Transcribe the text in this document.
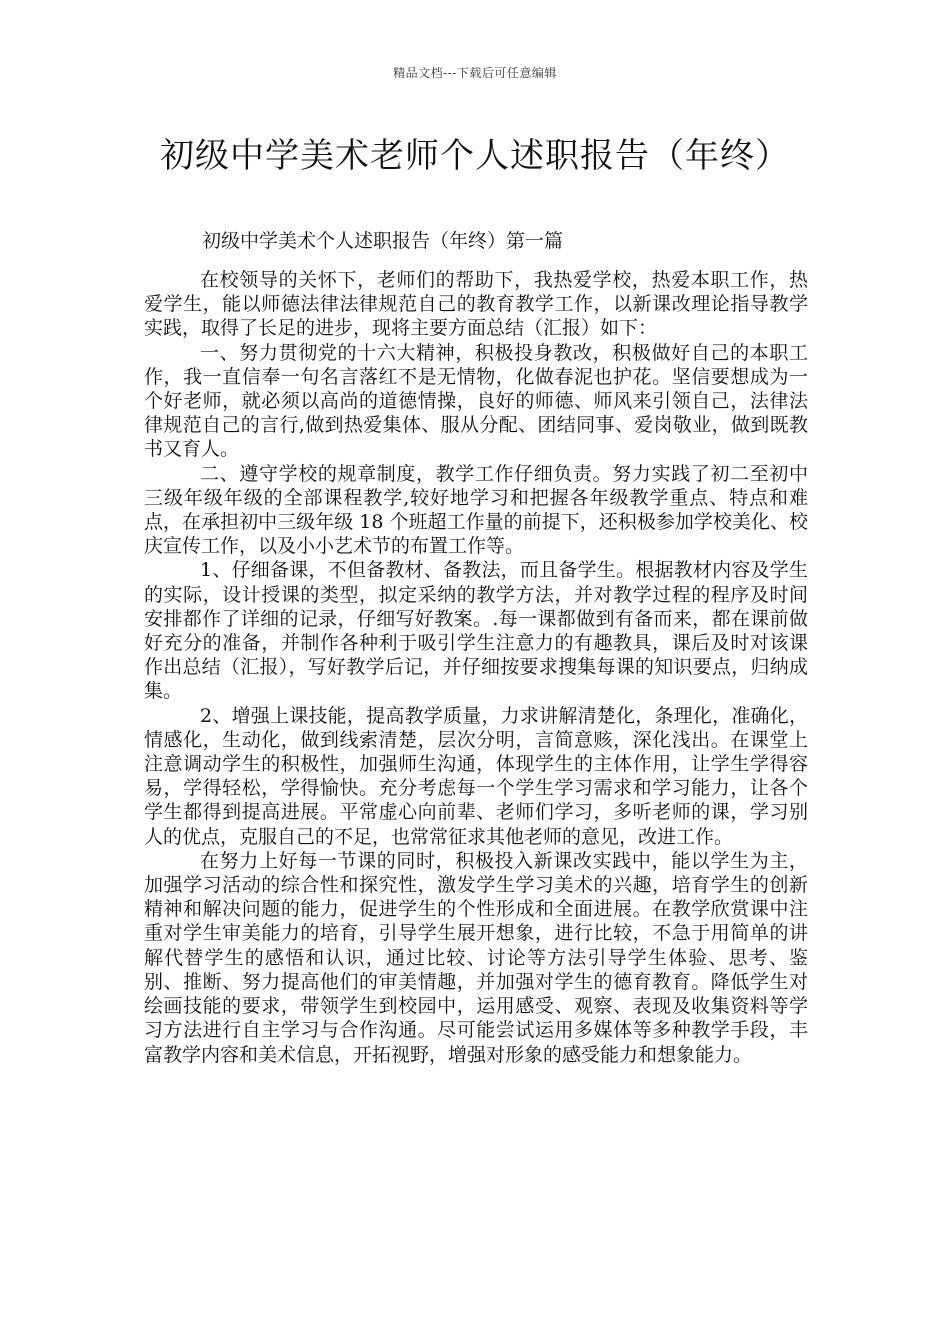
精品文档---下载后可任意编辑
初级中学美术老师个人述职报告（年终）
初级中学美术个人述职报告（年终）第一篇

在校领导的关怀下，老师们的帮助下，我热爱学校，热爱本职工作，热爱学生，能以师德法律法律规范自己的教育教学工作，以新课改理论指导教学实践，取得了长足的进步，现将主要方面总结（汇报）如下：

一、努力贯彻党的十六大精神，积极投身教改，积极做好自己的本职工作，我一直信奉一句名言落红不是无情物，化做春泥也护花。坚信要想成为一个好老师，就必须以高尚的道德情操，良好的师德、师风来引领自己，法律法律规范自己的言行,做到热爱集体、服从分配、团结同事、爱岗敬业，做到既教书又育人。

二、遵守学校的规章制度，教学工作仔细负责。努力实践了初二至初中三级年级年级的全部课程教学,较好地学习和把握各年级教学重点、特点和难点，在承担初中三级年级 18 个班超工作量的前提下，还积极参加学校美化、校庆宣传工作，以及小小艺术节的布置工作等。

1、仔细备课，不但备教材、备教法，而且备学生。根据教材内容及学生的实际，设计授课的类型，拟定采纳的教学方法，并对教学过程的程序及时间安排都作了详细的记录，仔细写好教案。.每一课都做到有备而来，都在课前做好充分的准备，并制作各种利于吸引学生注意力的有趣教具，课后及时对该课作出总结（汇报），写好教学后记，并仔细按要求搜集每课的知识要点，归纳成集。

2、增强上课技能，提高教学质量，力求讲解清楚化，条理化，准确化，情感化，生动化，做到线索清楚，层次分明，言简意赅，深化浅出。在课堂上注意调动学生的积极性，加强师生沟通，体现学生的主体作用，让学生学得容易，学得轻松，学得愉快。充分考虑每一个学生学习需求和学习能力，让各个学生都得到提高进展。平常虚心向前辈、老师们学习，多听老师的课，学习别人的优点，克服自己的不足，也常常征求其他老师的意见，改进工作。

在努力上好每一节课的同时，积极投入新课改实践中，能以学生为主，加强学习活动的综合性和探究性，激发学生学习美术的兴趣，培育学生的创新精神和解决问题的能力，促进学生的个性形成和全面进展。在教学欣赏课中注重对学生审美能力的培育，引导学生展开想象，进行比较，不急于用简单的讲解代替学生的感悟和认识，通过比较、讨论等方法引导学生体验、思考、鉴别、推断、努力提高他们的审美情趣，并加强对学生的德育教育。降低学生对绘画技能的要求，带领学生到校园中，运用感受、观察、表现及收集资料等学习方法进行自主学习与合作沟通。尽可能尝试运用多媒体等多种教学手段，丰富教学内容和美术信息，开拓视野，增强对形象的感受能力和想象能力。
